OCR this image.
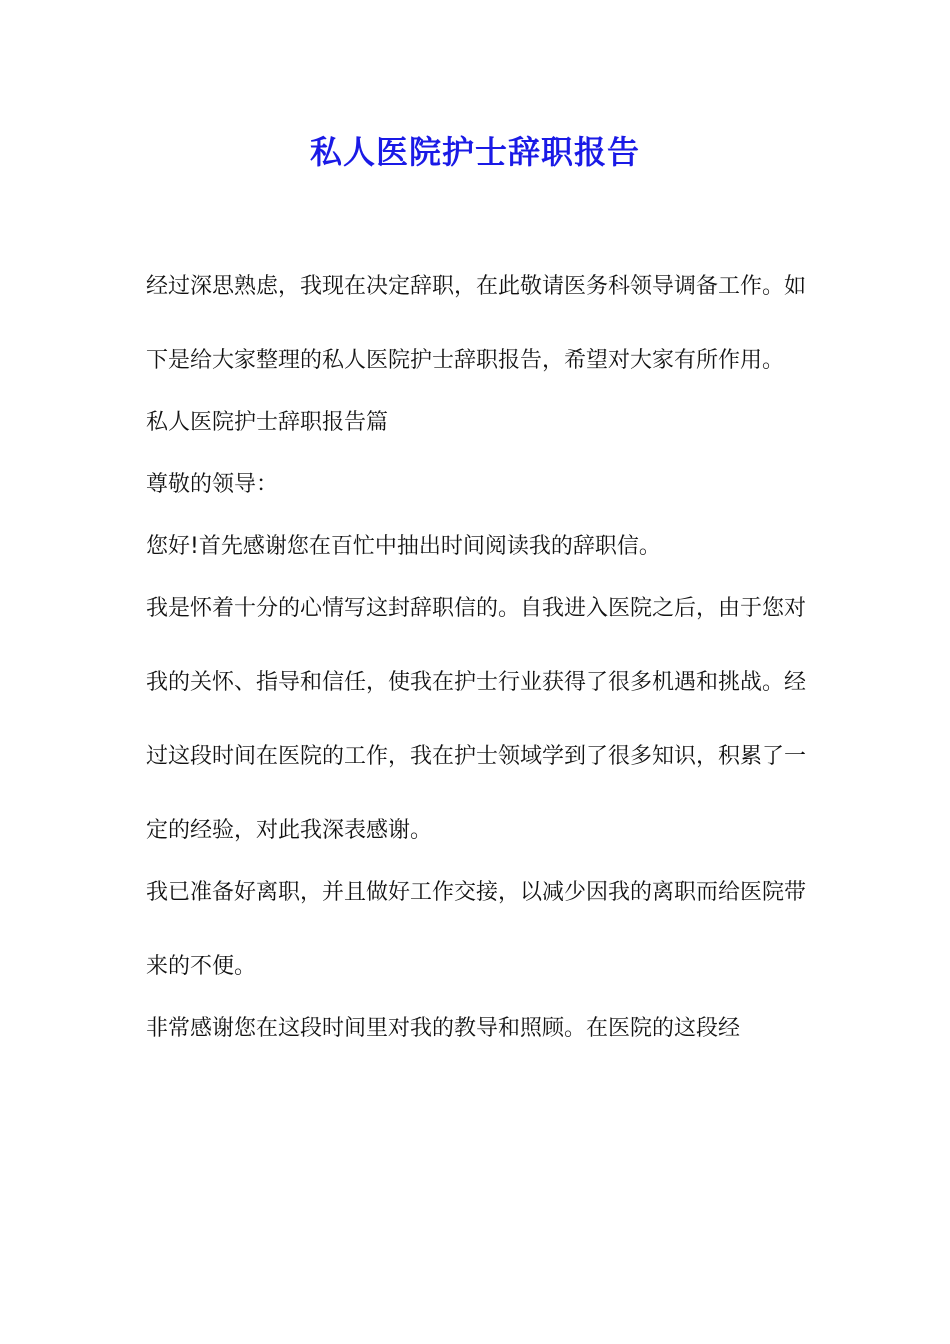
私人医院护士辞职报告

经过深思熟虑，我现在决定辞职，在此敬请医务科领导调备工作。如下是给大家整理的私人医院护士辞职报告，希望对大家有所作用。

私人医院护士辞职报告篇

尊敬的领导：

您好!首先感谢您在百忙中抽出时间阅读我的辞职信。

我是怀着十分的心情写这封辞职信的。自我进入医院之后，由于您对我的关怀、指导和信任，使我在护士行业获得了很多机遇和挑战。经过这段时间在医院的工作，我在护士领域学到了很多知识，积累了一定的经验，对此我深表感谢。

我已准备好离职，并且做好工作交接，以减少因我的离职而给医院带来的不便。

非常感谢您在这段时间里对我的教导和照顾。在医院的这段经
